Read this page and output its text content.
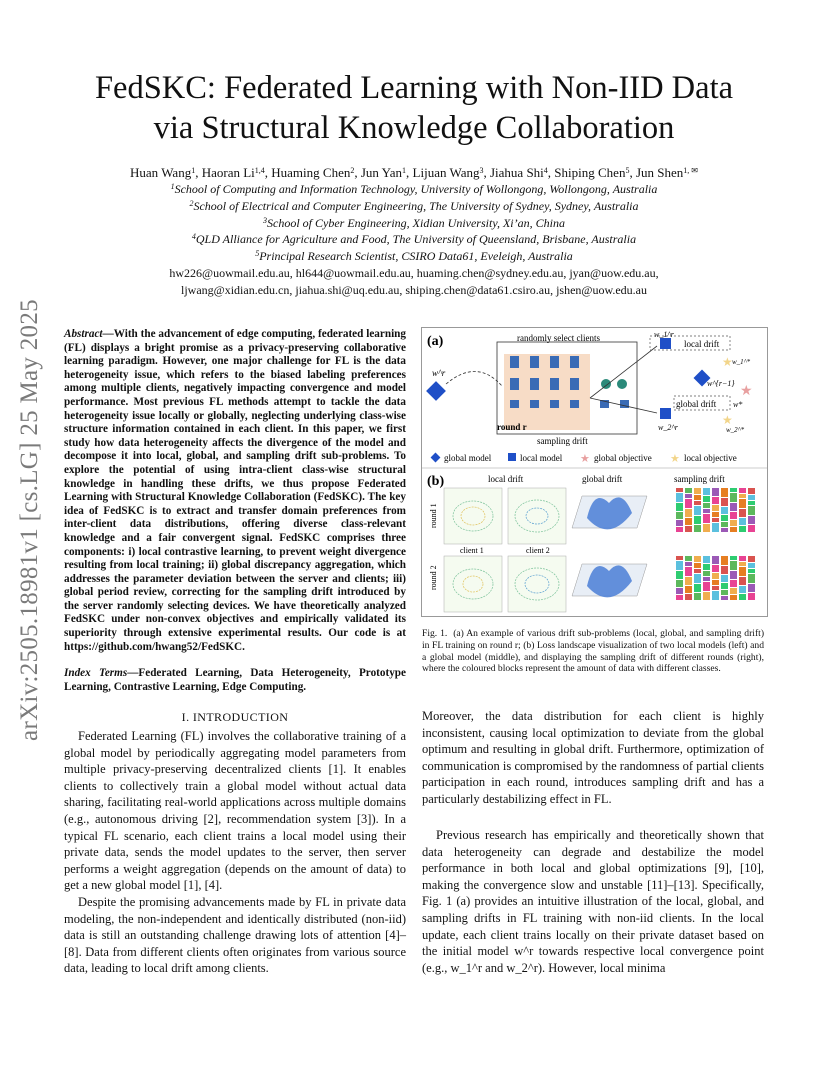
arXiv:2505.18981v1 [cs.LG] 25 May 2025
FedSKC: Federated Learning with Non-IID Data
via Structural Knowledge Collaboration
Huan Wang$^1$, Haoran Li$^{1,4}$, Huaming Chen$^2$, Jun Yan$^1$, Lijuan Wang$^3$, Jiahua Shi$^4$, Shiping Chen$^5$, Jun Shen$^{1, ✉}$
$^1$School of Computing and Information Technology, University of Wollongong, Wollongong, Australia
$^2$School of Electrical and Computer Engineering, The University of Sydney, Sydney, Australia
$^3$School of Cyber Engineering, Xidian University, Xi’an, China
$^4$QLD Alliance for Agriculture and Food, The University of Queensland, Brisbane, Australia
$^5$Principal Research Scientist, CSIRO Data61, Eveleigh, Australia
hw226@uowmail.edu.au, hl644@uowmail.edu.au, huaming.chen@sydney.edu.au, jyan@uow.edu.au,
ljwang@xidian.edu.cn, jiahua.shi@uq.edu.au, shiping.chen@data61.csiro.au, jshen@uow.edu.au
Abstract—With the advancement of edge computing, federated learning (FL) displays a bright promise as a privacy-preserving collaborative learning paradigm. However, one major challenge for FL is the data heterogeneity issue, which refers to the biased labeling preferences among multiple clients, negatively impacting convergence and model performance. Most previous FL methods attempt to tackle the data heterogeneity issue locally or globally, neglecting underlying class-wise structure information contained in each client. In this paper, we first study how data heterogeneity affects the divergence of the model and decompose it into local, global, and sampling drift sub-problems. To explore the potential of using intra-client class-wise structural knowledge in handling these drifts, we thus propose Federated Learning with Structural Knowledge Collaboration (FedSKC). The key idea of FedSKC is to extract and transfer domain preferences from inter-client data distributions, offering diverse class-relevant knowledge and a fair convergent signal. FedSKC comprises three components: i) local contrastive learning, to prevent weight divergence resulting from local training; ii) global discrepancy aggregation, which addresses the parameter deviation between the server and clients; iii) global period review, correcting for the sampling drift introduced by the server randomly selecting devices. We have theoretically analyzed FedSKC under non-convex objectives and empirically validated its superiority through extensive experimental results. Our code is at https://github.com/hwang52/FedSKC.
Index Terms—Federated Learning, Data Heterogeneity, Prototype Learning, Contrastive Learning, Edge Computing.
I. INTRODUCTION
Federated Learning (FL) involves the collaborative training of a global model by periodically aggregating model parameters from multiple privacy-preserving decentralized clients [1]. It enables clients to collectively train a global model without actual data sharing, facilitating real-world applications across multiple domains (e.g., autonomous driving [2], recommendation system [3]). In a typical FL scenario, each client trains a local model using their private data, sends the model updates to the server, then server performs a weight aggregation (depends on the amount of data) to get a new global model [1], [4].
Despite the promising advancements made by FL in private data modeling, the non-independent and identically distributed (non-iid) data is still an outstanding challenge drawing lots of attention [4]–[8]. Data from different clients often originates from various source data, leading to local drift among clients.
Moreover, the data distribution for each client is highly inconsistent, causing local optimization to deviate from the global optimum and resulting in global drift. Furthermore, optimization of communication is compromised by the randomness of partial clients participation in each round, introduces sampling drift and has a particularly destabilizing effect in FL.
Previous research has empirically and theoretically shown that data heterogeneity can degrade and destabilize the model performance in both local and global optimizations [9], [10], making the convergence slow and unstable [11]–[13]. Specifically, Fig. 1 (a) provides an intuitive illustration of the local, global, and sampling drifts in FL training with non-iid clients. In the local update, each client trains locally on their private dataset based on the initial model w^r towards respective local convergence point (e.g., w_1^r and w_2^r). However, local minima
(a)	randomly select clients
round r
sampling drift
w^r
w_1^r
w_2^r
w^{r−1}
local drift
global drift w*
★
★
★
w_1^*
w_2^*
global model	local model ★ global objective ★ local objective
(b)	local drift	global drift	sampling drift
round 1
round 2
client 1	client 2
Fig. 1. (a) An example of various drift sub-problems (local, global, and sampling drift) in FL training on round r; (b) Loss landscape visualization of two local models (left) and a global model (middle), and displaying the sampling drift of different rounds (right), where the coloured blocks represent the amount of data with different classes.
